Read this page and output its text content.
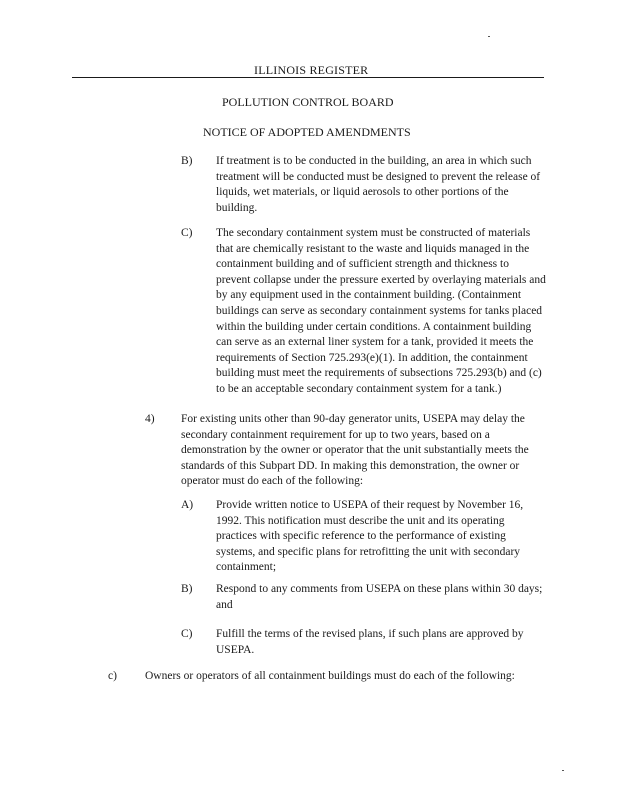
ILLINOIS REGISTER
POLLUTION CONTROL BOARD
NOTICE OF ADOPTED AMENDMENTS
B) If treatment is to be conducted in the building, an area in which such treatment will be conducted must be designed to prevent the release of liquids, wet materials, or liquid aerosols to other portions of the building.
C) The secondary containment system must be constructed of materials that are chemically resistant to the waste and liquids managed in the containment building and of sufficient strength and thickness to prevent collapse under the pressure exerted by overlaying materials and by any equipment used in the containment building. (Containment buildings can serve as secondary containment systems for tanks placed within the building under certain conditions. A containment building can serve as an external liner system for a tank, provided it meets the requirements of Section 725.293(e)(1). In addition, the containment building must meet the requirements of subsections 725.293(b) and (c) to be an acceptable secondary containment system for a tank.)
4) For existing units other than 90-day generator units, USEPA may delay the secondary containment requirement for up to two years, based on a demonstration by the owner or operator that the unit substantially meets the standards of this Subpart DD. In making this demonstration, the owner or operator must do each of the following:
A) Provide written notice to USEPA of their request by November 16, 1992. This notification must describe the unit and its operating practices with specific reference to the performance of existing systems, and specific plans for retrofitting the unit with secondary containment;
B) Respond to any comments from USEPA on these plans within 30 days; and
C) Fulfill the terms of the revised plans, if such plans are approved by USEPA.
c) Owners or operators of all containment buildings must do each of the following:
